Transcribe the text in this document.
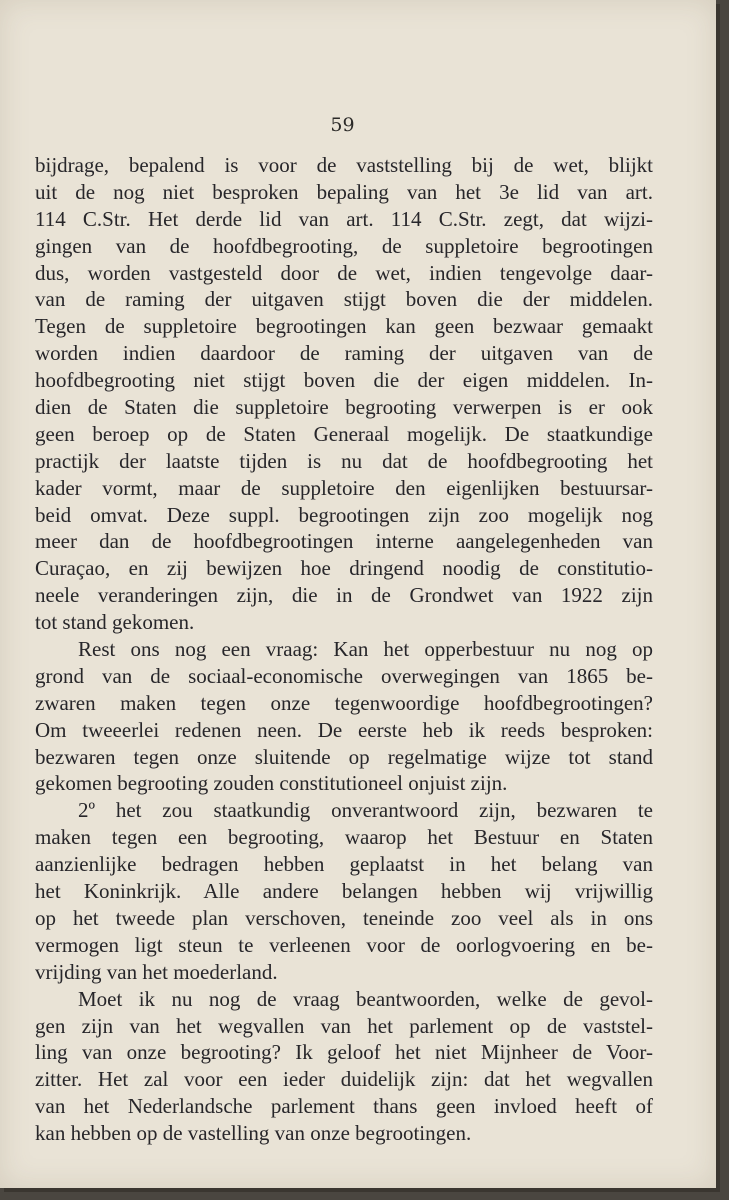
59
bijdrage, bepalend is voor de vaststelling bij de wet, blijkt
uit de nog niet besproken bepaling van het 3e lid van art.
114 C.Str. Het derde lid van art. 114 C.Str. zegt, dat wijzi-
gingen van de hoofdbegrooting, de suppletoire begrootingen
dus, worden vastgesteld door de wet, indien tengevolge daar-
van de raming der uitgaven stijgt boven die der middelen.
Tegen de suppletoire begrootingen kan geen bezwaar gemaakt
worden indien daardoor de raming der uitgaven van de
hoofdbegrooting niet stijgt boven die der eigen middelen. In-
dien de Staten die suppletoire begrooting verwerpen is er ook
geen beroep op de Staten Generaal mogelijk. De staatkundige
practijk der laatste tijden is nu dat de hoofdbegrooting het
kader vormt, maar de suppletoire den eigenlijken bestuursar-
beid omvat. Deze suppl. begrootingen zijn zoo mogelijk nog
meer dan de hoofdbegrootingen interne aangelegenheden van
Curaçao, en zij bewijzen hoe dringend noodig de constitutio-
neele veranderingen zijn, die in de Grondwet van 1922 zijn
tot stand gekomen.
Rest ons nog een vraag: Kan het opperbestuur nu nog op
grond van de sociaal-economische overwegingen van 1865 be-
zwaren maken tegen onze tegenwoordige hoofdbegrootingen?
Om tweeerlei redenen neen. De eerste heb ik reeds besproken:
bezwaren tegen onze sluitende op regelmatige wijze tot stand
gekomen begrooting zouden constitutioneel onjuist zijn.
2º het zou staatkundig onverantwoord zijn, bezwaren te
maken tegen een begrooting, waarop het Bestuur en Staten
aanzienlijke bedragen hebben geplaatst in het belang van
het Koninkrijk. Alle andere belangen hebben wij vrijwillig
op het tweede plan verschoven, teneinde zoo veel als in ons
vermogen ligt steun te verleenen voor de oorlogvoering en be-
vrijding van het moederland.
Moet ik nu nog de vraag beantwoorden, welke de gevol-
gen zijn van het wegvallen van het parlement op de vaststel-
ling van onze begrooting? Ik geloof het niet Mijnheer de Voor-
zitter. Het zal voor een ieder duidelijk zijn: dat het wegvallen
van het Nederlandsche parlement thans geen invloed heeft of
kan hebben op de vastelling van onze begrootingen.
